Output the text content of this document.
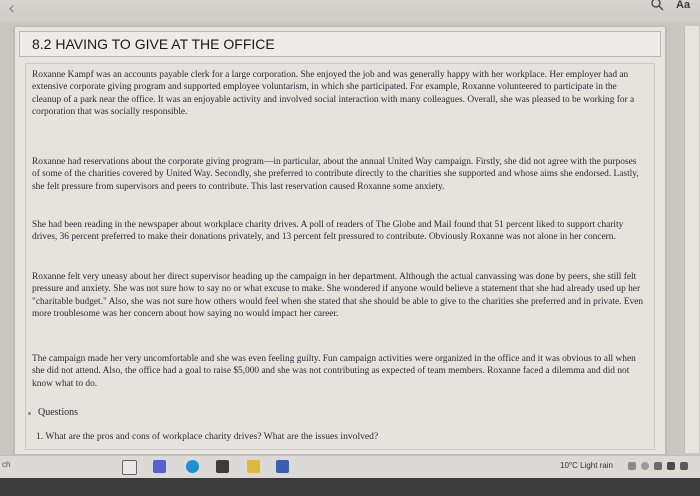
‹	Aa
8.2 HAVING TO GIVE AT THE OFFICE

Roxanne Kampf was an accounts payable clerk for a large corporation. She enjoyed the job and was generally happy with her workplace. Her employer had an extensive corporate giving program and supported employee voluntarism, in which she participated. For example, Roxanne volunteered to participate in the cleanup of a park near the office. It was an enjoyable activity and involved social interaction with many colleagues. Overall, she was pleased to be working for a corporation that was socially responsible.

Roxanne had reservations about the corporate giving program—in particular, about the annual United Way campaign. Firstly, she did not agree with the purposes of some of the charities covered by United Way. Secondly, she preferred to contribute directly to the charities she supported and whose aims she endorsed. Lastly, she felt pressure from supervisors and peers to contribute. This last reservation caused Roxanne some anxiety.

She had been reading in the newspaper about workplace charity drives. A poll of readers of The Globe and Mail found that 51 percent liked to support charity drives, 36 percent preferred to make their donations privately, and 13 percent felt pressured to contribute. Obviously Roxanne was not alone in her concern.

Roxanne felt very uneasy about her direct supervisor heading up the campaign in her department. Although the actual canvassing was done by peers, she still felt pressure and anxiety. She was not sure how to say no or what excuse to make. She wondered if anyone would believe a statement that she had already used up her "charitable budget." Also, she was not sure how others would feel when she stated that she should be able to give to the charities she preferred and in private. Even more troublesome was her concern about how saying no would impact her career.

The campaign made her very uncomfortable and she was even feeling guilty. Fun campaign activities were organized in the office and it was obvious to all when she did not attend. Also, the office had a goal to raise $5,000 and she was not contributing as expected of team members. Roxanne faced a dilemma and did not know what to do.

Questions
1. What are the pros and cons of workplace charity drives? What are the issues involved?
ch	10°C Light rain
